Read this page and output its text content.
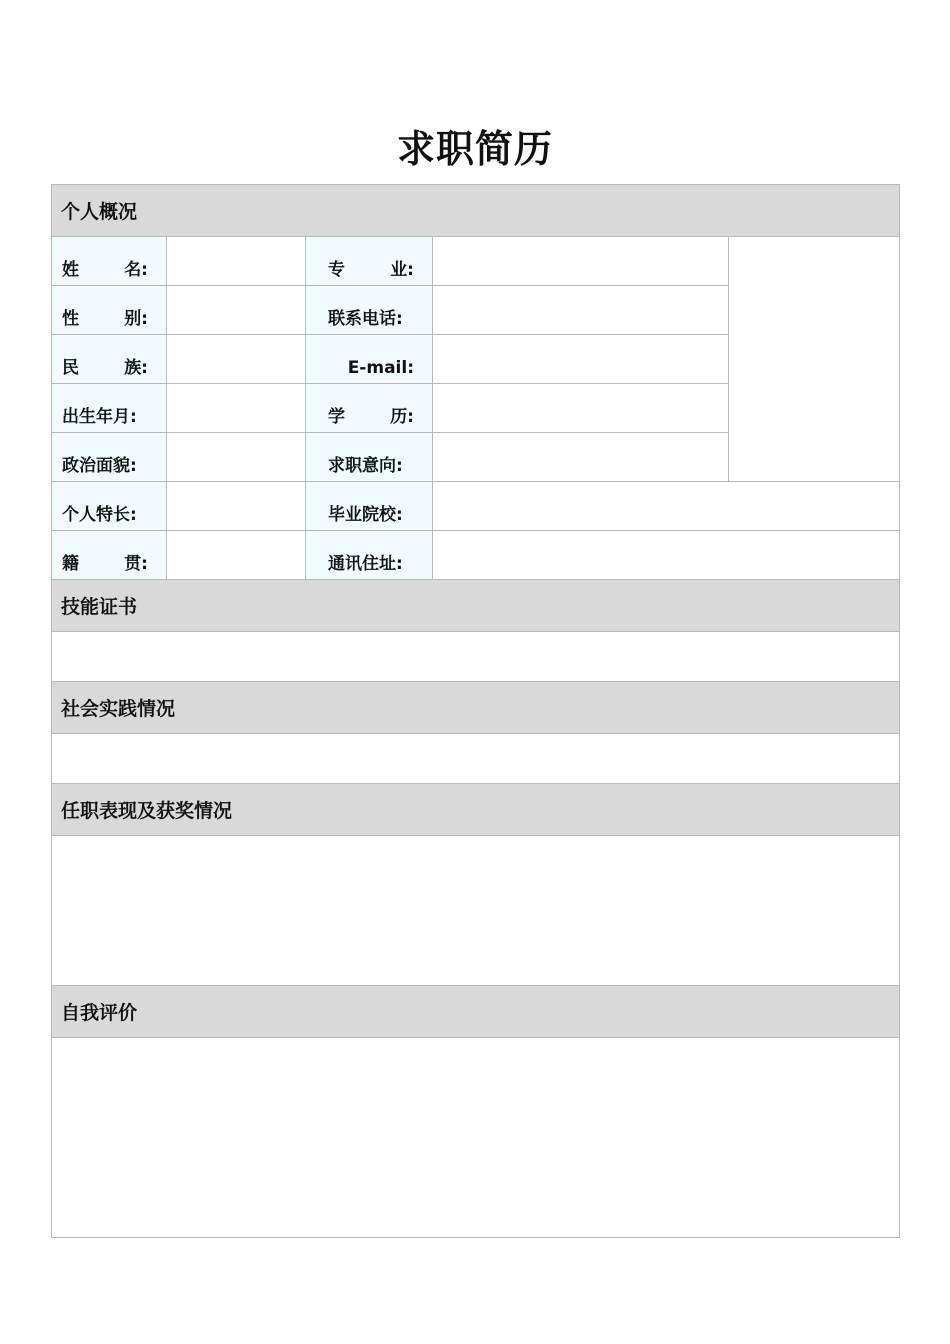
求职简历
个人概况				

姓 名:		专 业:		

性 别:		联系电话:		

民 族:		E-mail:		

出生年月:		学 历:		

政治面貌:		求职意向:		

个人特长:		毕业院校:		

籍 贯:		通讯住址:		

技能证书				

社会实践情况				

任职表现及获奖情况				

自我评价				
